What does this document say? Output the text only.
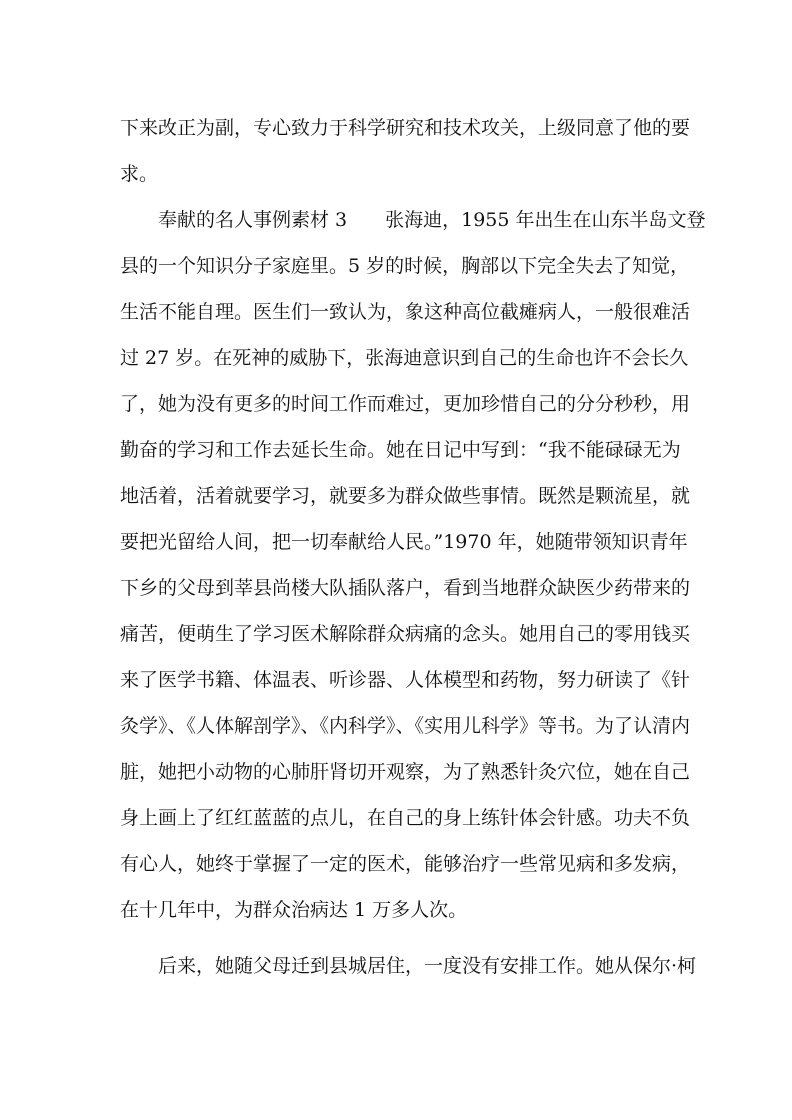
下来改正为副，专心致力于科学研究和技术攻关，上级同意了他的要
求。
奉献的名人事例素材 3　　张海迪，1955 年出生在山东半岛文登
县的一个知识分子家庭里。5 岁的时候，胸部以下完全失去了知觉，
生活不能自理。医生们一致认为，象这种高位截瘫病人，一般很难活
过 27 岁。在死神的威胁下，张海迪意识到自己的生命也许不会长久
了，她为没有更多的时间工作而难过，更加珍惜自己的分分秒秒，用
勤奋的学习和工作去延长生命。她在日记中写到：“我不能碌碌无为
地活着，活着就要学习，就要多为群众做些事情。既然是颗流星，就
要把光留给人间，把一切奉献给人民。”1970 年，她随带领知识青年
下乡的父母到莘县尚楼大队插队落户，看到当地群众缺医少药带来的
痛苦，便萌生了学习医术解除群众病痛的念头。她用自己的零用钱买
来了医学书籍、体温表、听诊器、人体模型和药物，努力研读了《针
灸学》、《人体解剖学》、《内科学》、《实用儿科学》等书。为了认清内
脏，她把小动物的心肺肝肾切开观察，为了熟悉针灸穴位，她在自己
身上画上了红红蓝蓝的点儿，在自己的身上练针体会针感。功夫不负
有心人，她终于掌握了一定的医术，能够治疗一些常见病和多发病，
在十几年中，为群众治病达 1 万多人次。
后来，她随父母迁到县城居住，一度没有安排工作。她从保尔·柯
